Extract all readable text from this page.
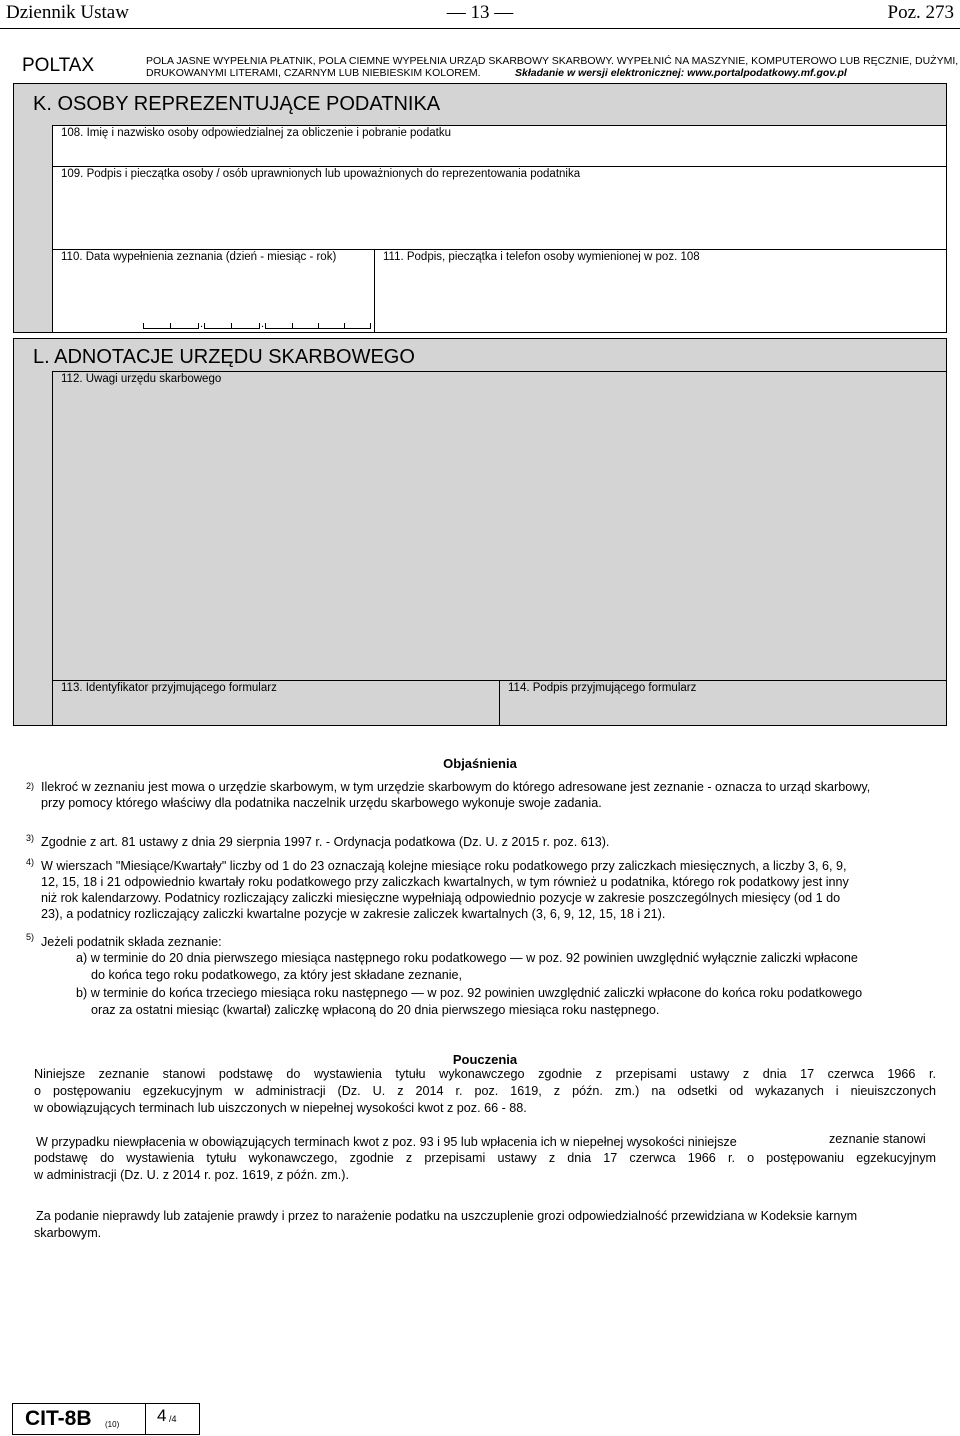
Dziennik Ustaw	— 13 —	Poz. 273
POLTAX	POLA JASNE WYPEŁNIA PŁATNIK, POLA CIEMNE WYPEŁNIA URZĄD SKARBOWY SKARBOWY. WYPEŁNIĆ NA MASZYNIE, KOMPUTEROWO LUB RĘCZNIE, DUŻYMI,
DRUKOWANYMI LITERAMI, CZARNYM LUB NIEBIESKIM KOLOREM.	Składanie w wersji elektronicznej: www.portalpodatkowy.mf.gov.pl
K. OSOBY REPREZENTUJĄCE PODATNIKA
108. Imię i nazwisko osoby odpowiedzialnej za obliczenie i pobranie podatku
109. Podpis i pieczątka osoby / osób uprawnionych lub upoważnionych do reprezentowania podatnika
110. Data wypełnienia zeznania (dzień - miesiąc - rok)
.	.
111. Podpis, pieczątka i telefon osoby wymienionej w poz. 108
L. ADNOTACJE URZĘDU SKARBOWEGO
112. Uwagi urzędu skarbowego
113. Identyfikator przyjmującego formularz	114. Podpis przyjmującego formularz
Objaśnienia
2) Ilekroć w zeznaniu jest mowa o urzędzie skarbowym, w tym urzędzie skarbowym do którego adresowane jest zeznanie - oznacza to urząd skarbowy,
przy pomocy którego właściwy dla podatnika naczelnik urzędu skarbowego wykonuje swoje zadania.
3) Zgodnie z art. 81 ustawy z dnia 29 sierpnia 1997 r. - Ordynacja podatkowa (Dz. U. z 2015 r. poz. 613).
4) W wierszach "Miesiące/Kwartały" liczby od 1 do 23 oznaczają kolejne miesiące roku podatkowego przy zaliczkach miesięcznych, a liczby 3, 6, 9,
12, 15, 18 i 21 odpowiednio kwartały roku podatkowego przy zaliczkach kwartalnych, w tym również u podatnika, którego rok podatkowy jest inny
niż rok kalendarzowy. Podatnicy rozliczający zaliczki miesięczne wypełniają odpowiednio pozycje w zakresie poszczególnych miesięcy (od 1 do
23), a podatnicy rozliczający zaliczki kwartalne pozycje w zakresie zaliczek kwartalnych (3, 6, 9, 12, 15, 18 i 21).
5) Jeżeli podatnik składa zeznanie:
a) w terminie do 20 dnia pierwszego miesiąca następnego roku podatkowego — w poz. 92 powinien uwzględnić wyłącznie zaliczki wpłacone
do końca tego roku podatkowego, za który jest składane zeznanie,
b) w terminie do końca trzeciego miesiąca roku następnego — w poz. 92 powinien uwzględnić zaliczki wpłacone do końca roku podatkowego
oraz za ostatni miesiąc (kwartał) zaliczkę wpłaconą do 20 dnia pierwszego miesiąca roku następnego.
Pouczenia
Niniejsze zeznanie stanowi podstawę do wystawienia tytułu wykonawczego zgodnie z przepisami ustawy z dnia 17 czerwca 1966 r.
o postępowaniu egzekucyjnym w administracji (Dz. U. z 2014 r. poz. 1619, z późn. zm.) na odsetki od wykazanych i nieuiszczonych
w obowiązujących terminach lub uiszczonych w niepełnej wysokości kwot z poz. 66 - 88.
W przypadku niewpłacenia w obowiązujących terminach kwot z poz. 93 i 95 lub wpłacenia ich w niepełnej wysokości niniejsze	zeznanie stanowi
podstawę do wystawienia tytułu wykonawczego, zgodnie z przepisami ustawy z dnia 17 czerwca 1966 r. o postępowaniu egzekucyjnym
w administracji (Dz. U. z 2014 r. poz. 1619, z późn. zm.).
Za podanie nieprawdy lub zatajenie prawdy i przez to narażenie podatku na uszczuplenie grozi odpowiedzialność przewidziana w Kodeksie karnym
skarbowym.
CIT-8B (10) 4 /4
